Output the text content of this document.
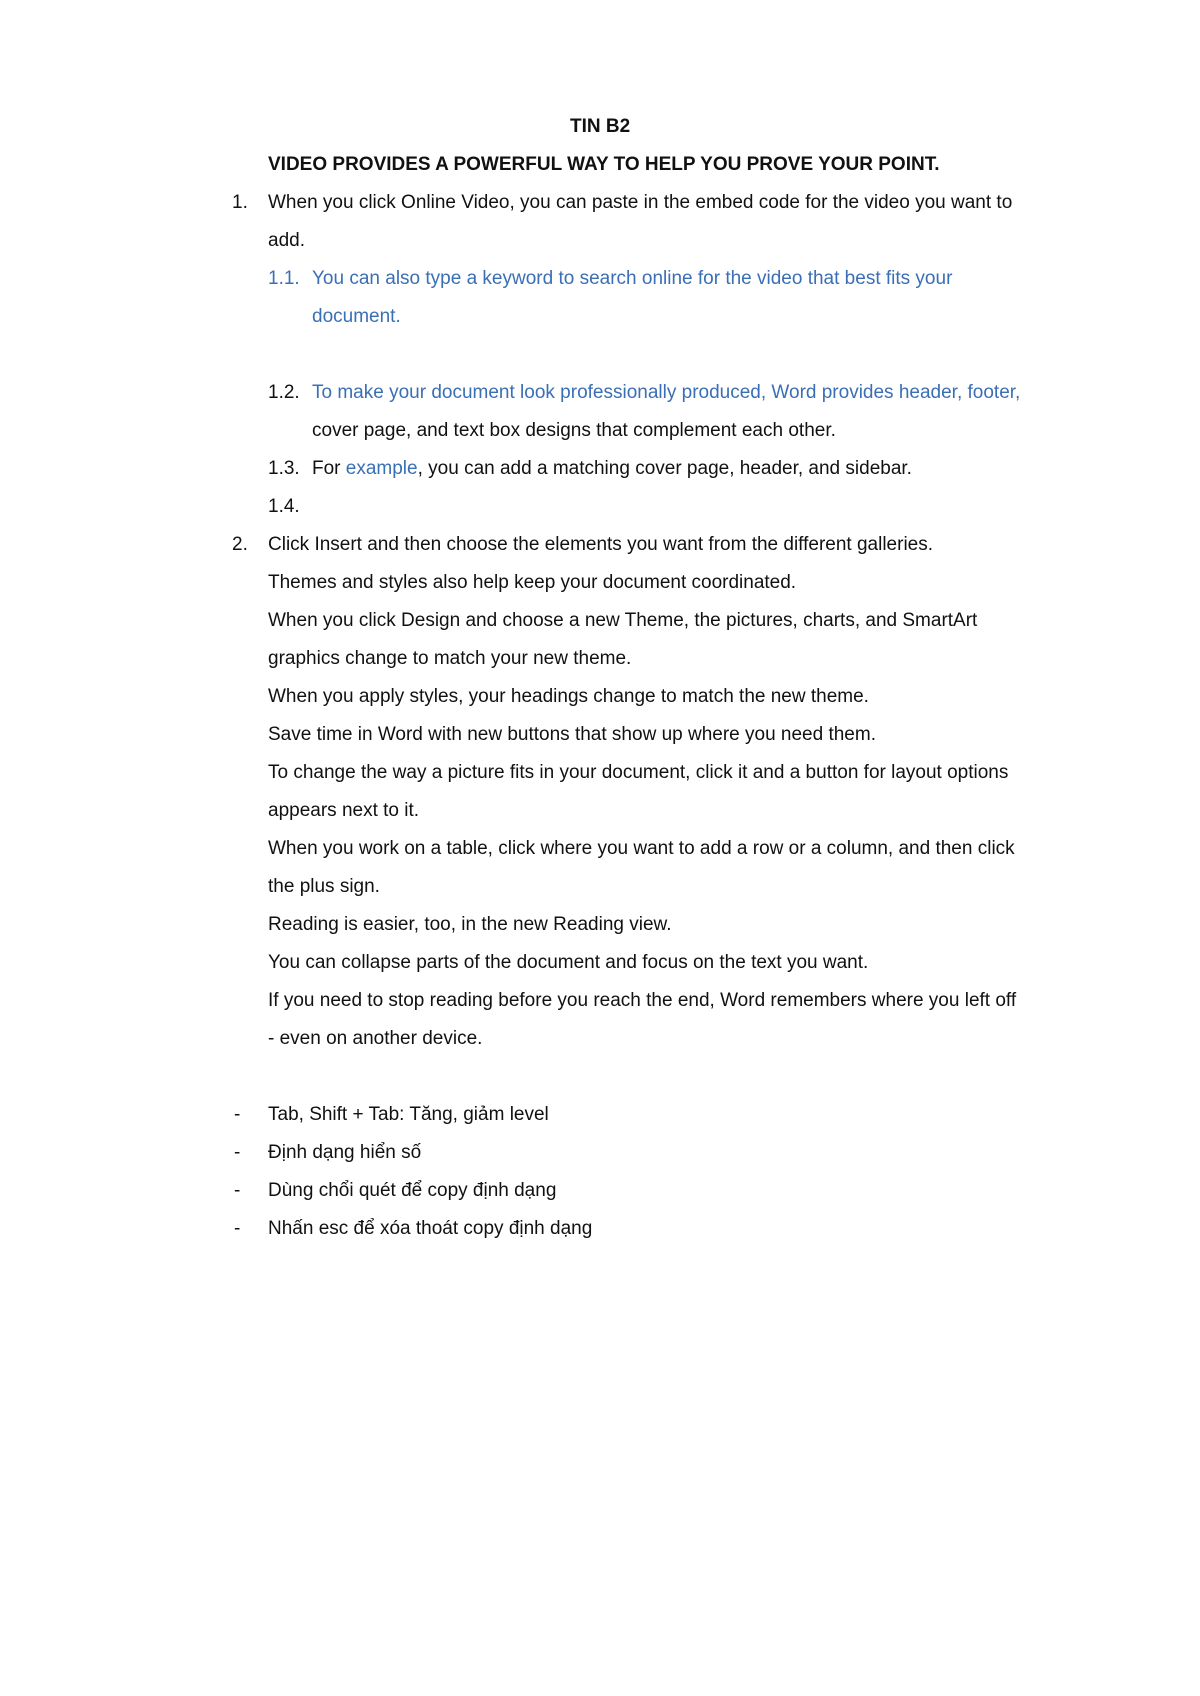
TIN B2
VIDEO PROVIDES A POWERFUL WAY TO HELP YOU PROVE YOUR POINT.
1. When you click Online Video, you can paste in the embed code for the video you want to
add.
1.1. You can also type a keyword to search online for the video that best fits your
document.
1.2. To make your document look professionally produced, Word provides header, footer,
cover page, and text box designs that complement each other.
1.3. For example, you can add a matching cover page, header, and sidebar.
1.4.
2. Click Insert and then choose the elements you want from the different galleries.
Themes and styles also help keep your document coordinated.
When you click Design and choose a new Theme, the pictures, charts, and SmartArt
graphics change to match your new theme.
When you apply styles, your headings change to match the new theme.
Save time in Word with new buttons that show up where you need them.
To change the way a picture fits in your document, click it and a button for layout options
appears next to it.
When you work on a table, click where you want to add a row or a column, and then click
the plus sign.
Reading is easier, too, in the new Reading view.
You can collapse parts of the document and focus on the text you want.
If you need to stop reading before you reach the end, Word remembers where you left off
- even on another device.
- Tab, Shift + Tab: Tăng, giảm level
- Định dạng hiển số
- Dùng chổi quét để copy định dạng
- Nhấn esc để xóa thoát copy định dạng
